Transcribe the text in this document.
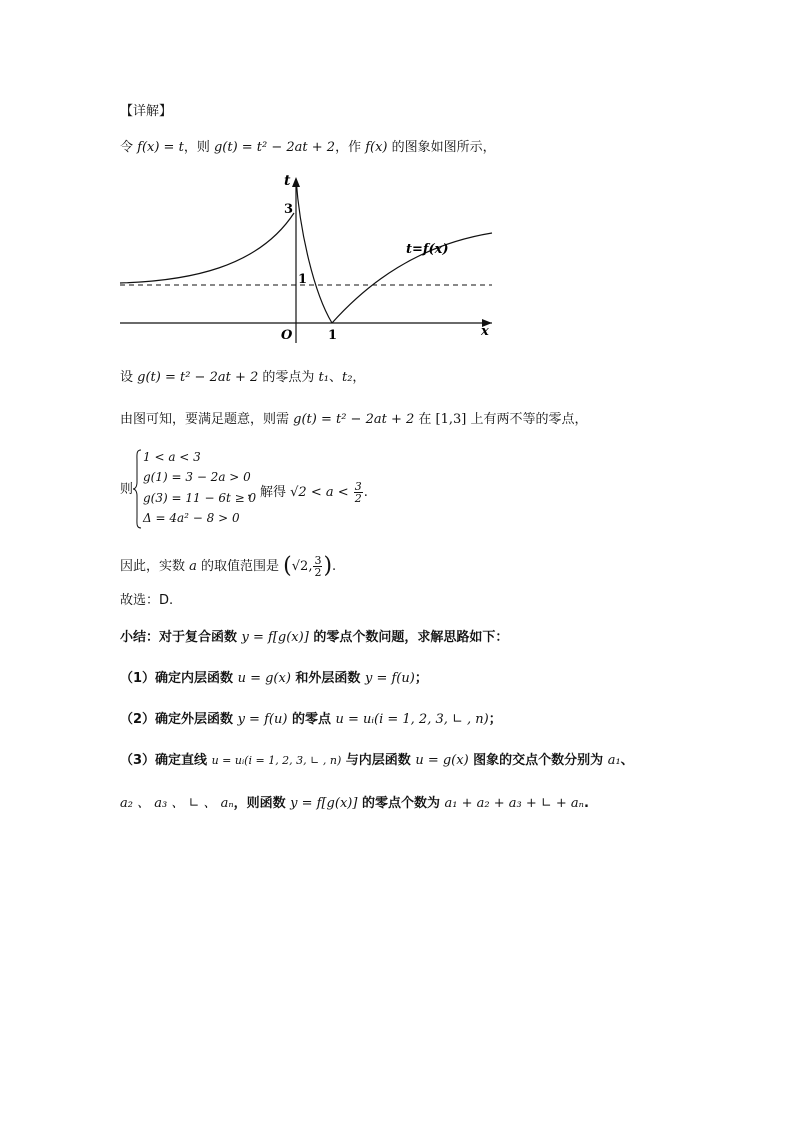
【详解】
令 f(x) = t，则 g(t) = t² − 2at + 2，作 f(x) 的图象如图所示，
t
x
O
3
1
1
t=f(x)
设 g(t) = t² − 2at + 2 的零点为 t₁、t₂，
由图可知，要满足题意，则需 g(t) = t² − 2at + 2 在 [1,3] 上有两不等的零点，
则
1 < a < 3
g(1) = 3 − 2a > 0
g(3) = 11 − 6t ≥ 0
Δ = 4a² − 8 > 0
，解得 $√2 < a < \frac{3}{2}$ .
因此，实数 a 的取值范围是 (√2, $\frac{3}{2}$ ).
故选：D.
小结：对于复合函数 y = f[g(x)] 的零点个数问题，求解思路如下：
（1）确定内层函数 u = g(x) 和外层函数 y = f(u)；
（2）确定外层函数 y = f(u) 的零点 u = uᵢ(i = 1, 2, 3, ∟ , n)；
（3）确定直线 u = uᵢ(i = 1, 2, 3, ∟ , n) 与内层函数 u = g(x) 图象的交点个数分别为 a₁、
a₂ 、 a₃ 、 ∟ 、 aₙ，则函数 y = f[g(x)] 的零点个数为 a₁ + a₂ + a₃ + ∟ + aₙ.
